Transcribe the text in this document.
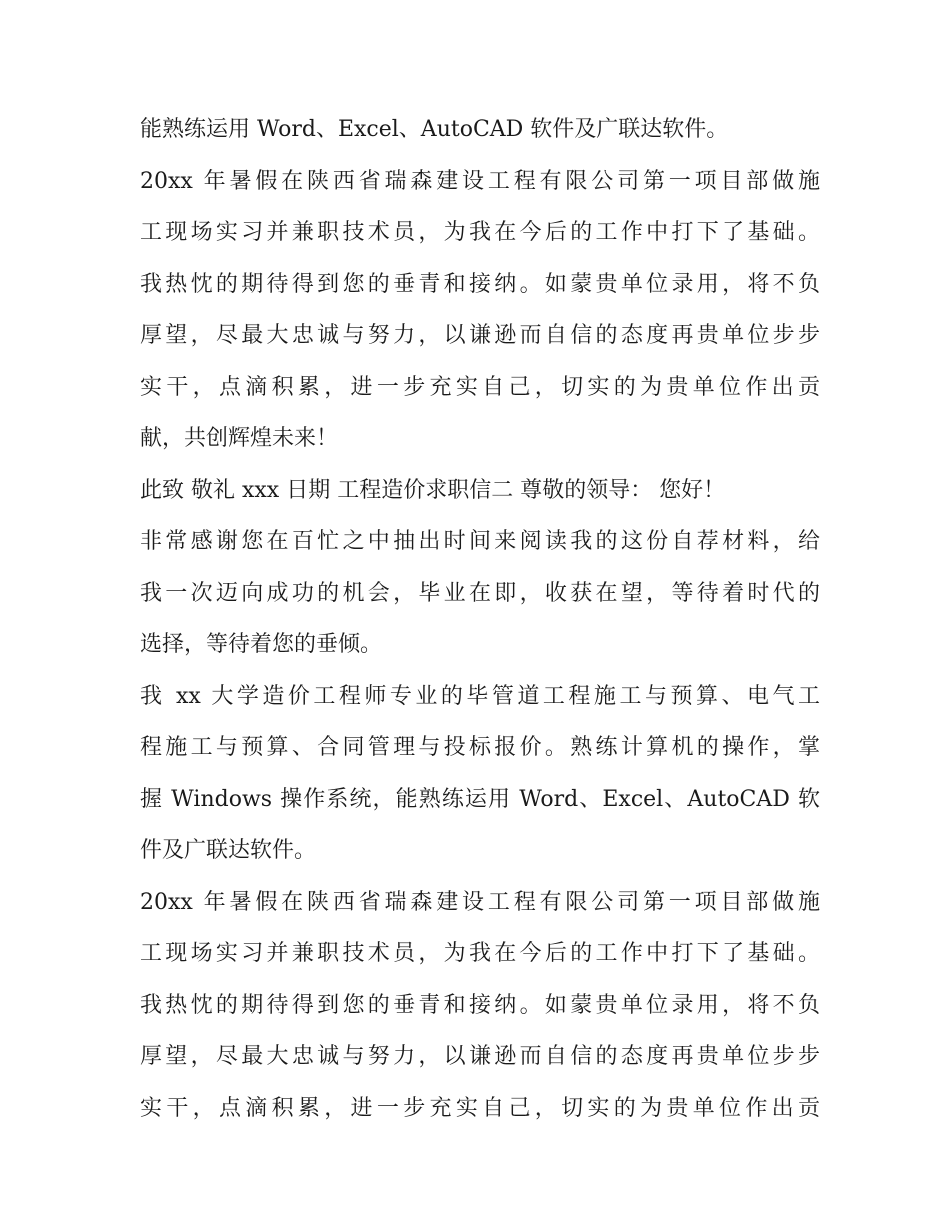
能熟练运用 Word、Excel、AutoCAD 软件及广联达软件。
20xx 年暑假在陕西省瑞森建设工程有限公司第一项目部做施
工现场实习并兼职技术员，为我在今后的工作中打下了基础。
我热忱的期待得到您的垂青和接纳。如蒙贵单位录用，将不负
厚望，尽最大忠诚与努力，以谦逊而自信的态度再贵单位步步
实干，点滴积累，进一步充实自己，切实的为贵单位作出贡
献，共创辉煌未来！
此致 敬礼 xxx 日期 工程造价求职信二 尊敬的领导： 您好！
非常感谢您在百忙之中抽出时间来阅读我的这份自荐材料，给
我一次迈向成功的机会，毕业在即，收获在望，等待着时代的
选择，等待着您的垂倾。
我 xx 大学造价工程师专业的毕管道工程施工与预算、电气工
程施工与预算、合同管理与投标报价。熟练计算机的操作，掌
握 Windows 操作系统，能熟练运用 Word、Excel、AutoCAD 软
件及广联达软件。
20xx 年暑假在陕西省瑞森建设工程有限公司第一项目部做施
工现场实习并兼职技术员，为我在今后的工作中打下了基础。
我热忱的期待得到您的垂青和接纳。如蒙贵单位录用，将不负
厚望，尽最大忠诚与努力，以谦逊而自信的态度再贵单位步步
实干，点滴积累，进一步充实自己，切实的为贵单位作出贡
